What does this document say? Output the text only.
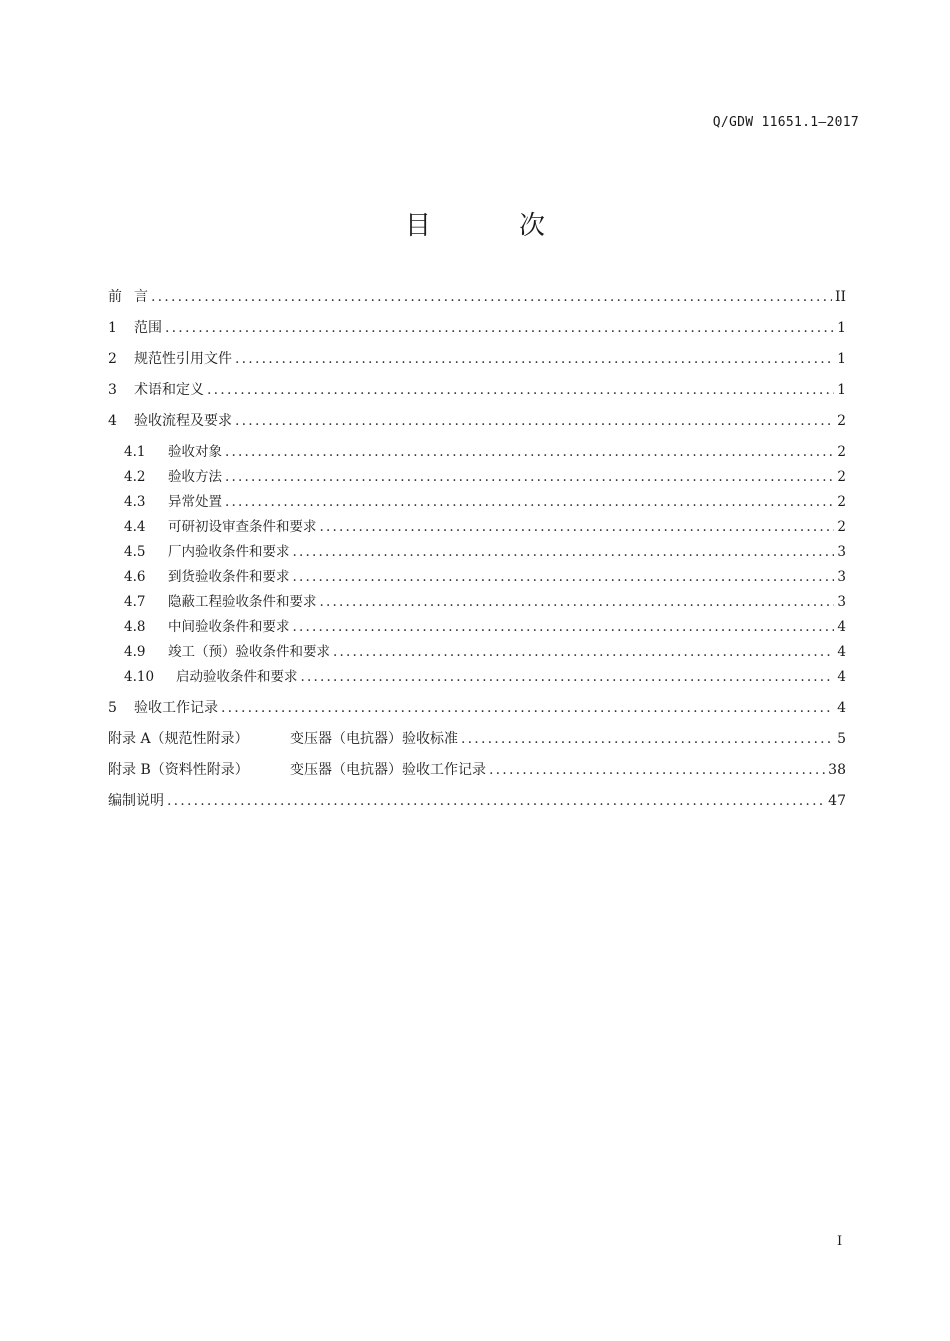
Q/GDW 11651.1—2017
目	次
前 言 .....	II
1	范围 .....	1
2	规范性引用文件 .....	1
3	术语和定义 .....	1
4	验收流程及要求 .....	2
4.1	验收对象 .....	2
4.2	验收方法 .....	2
4.3	异常处置 .....	2
4.4	可研初设审查条件和要求 .....	2
4.5	厂内验收条件和要求 .....	3
4.6	到货验收条件和要求 .....	3
4.7	隐蔽工程验收条件和要求 .....	3
4.8	中间验收条件和要求 .....	4
4.9	竣工（预）验收条件和要求 .....	4
4.10	启动验收条件和要求 .....	4
5	验收工作记录 .....	4
附录 A（规范性附录）	变压器（电抗器）验收标准 .....	5
附录 B（资料性附录）	变压器（电抗器）验收工作记录 .....	38
编制说明 .....	47
I
